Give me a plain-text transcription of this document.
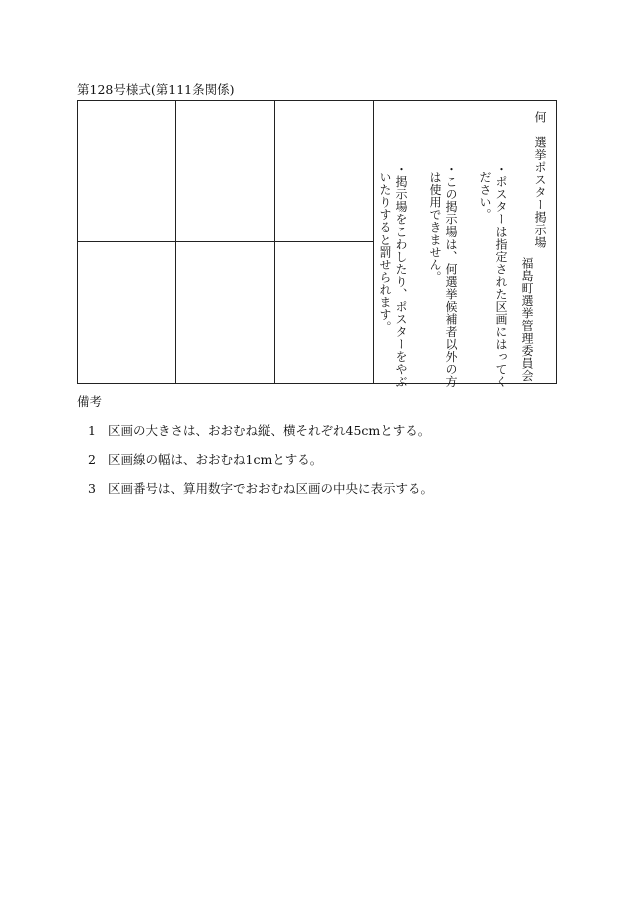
第128号様式(第111条関係)
何　選挙ポスター掲示場
福島町選挙管理委員会
・ポスターは指定された区画にはってく
ださい。
・この掲示場は、何選挙候補者以外の方
は使用できません。
・掲示場をこわしたり、ポスターをやぶ
いたりすると罰せられます。
備考
1 区画の大きさは、おおむね縦、横それぞれ45cmとする。
2 区画線の幅は、おおむね1cmとする。
3 区画番号は、算用数字でおおむね区画の中央に表示する。
